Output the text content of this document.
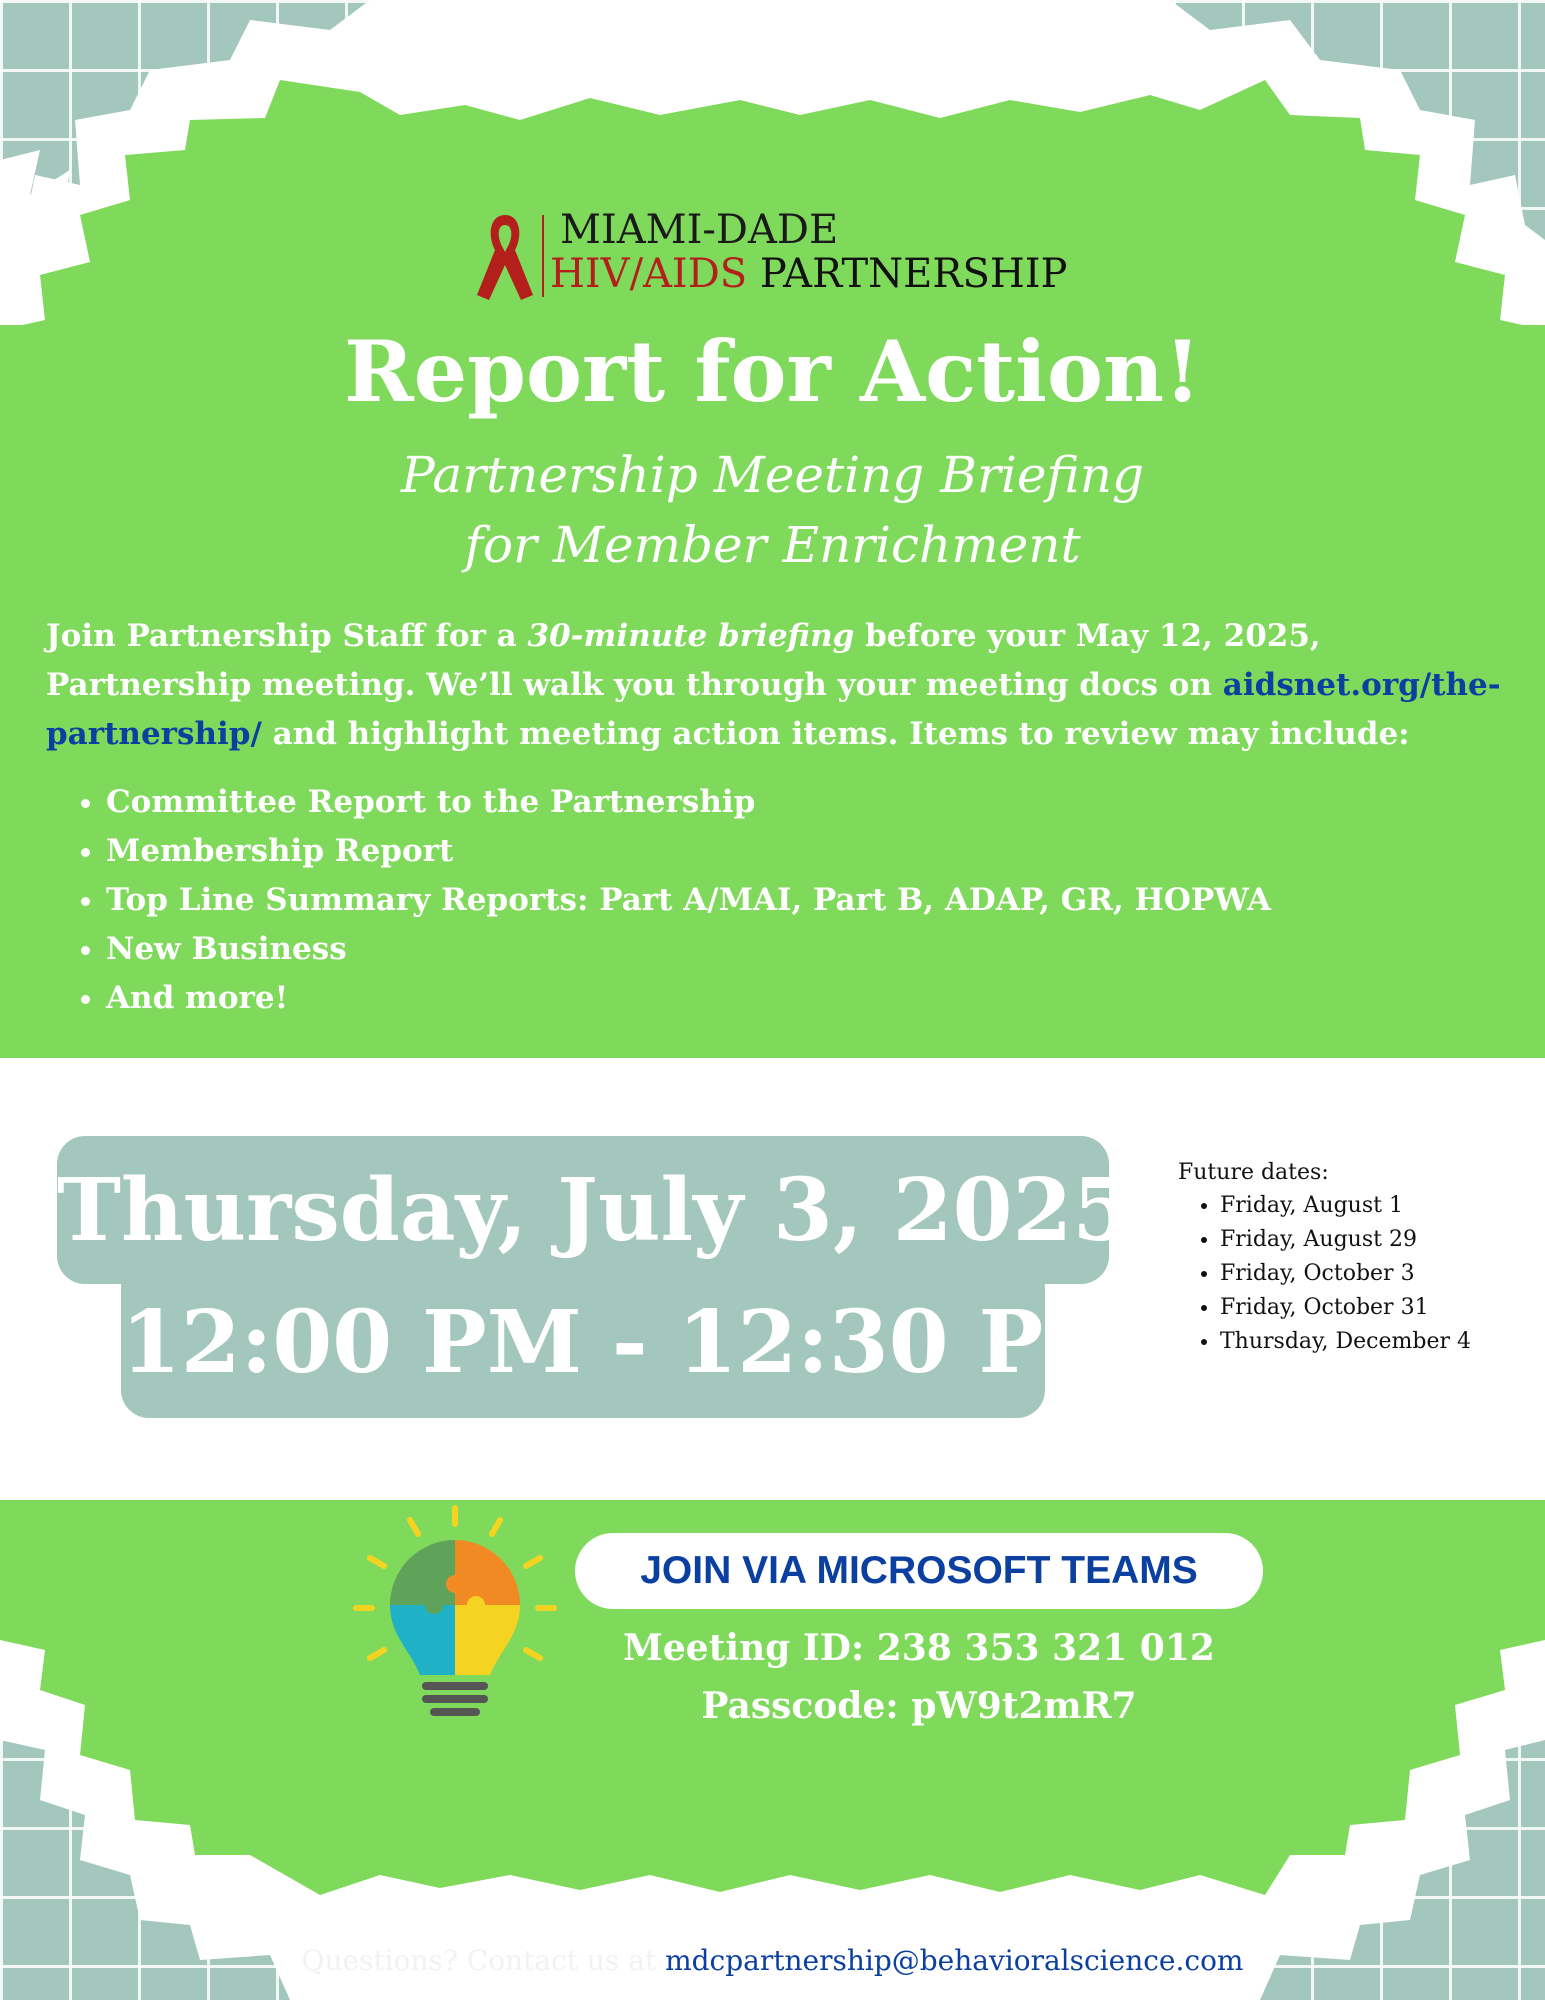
MIAMI-DADE
HIV/AIDS PARTNERSHIP
Report for Action!
Partnership Meeting Briefing
for Member Enrichment
Join Partnership Staff for a 30-minute briefing before your May 12, 2025, Partnership meeting. We’ll walk you through your meeting docs on aidsnet.org/the-partnership/ and highlight meeting action items. Items to review may include:
• Committee Report to the Partnership
• Membership Report
• Top Line Summary Reports: Part A/MAI, Part B, ADAP, GR, HOPWA
• New Business
• And more!
Thursday, July 3, 2025
12:00 PM - 12:30 PM
Future dates:
• Friday, August 1
• Friday, August 29
• Friday, October 3
• Friday, October 31
• Thursday, December 4
JOIN VIA MICROSOFT TEAMS
Meeting ID: 238 353 321 012
Passcode: pW9t2mR7
Questions? Contact us at mdcpartnership@behavioralscience.com
